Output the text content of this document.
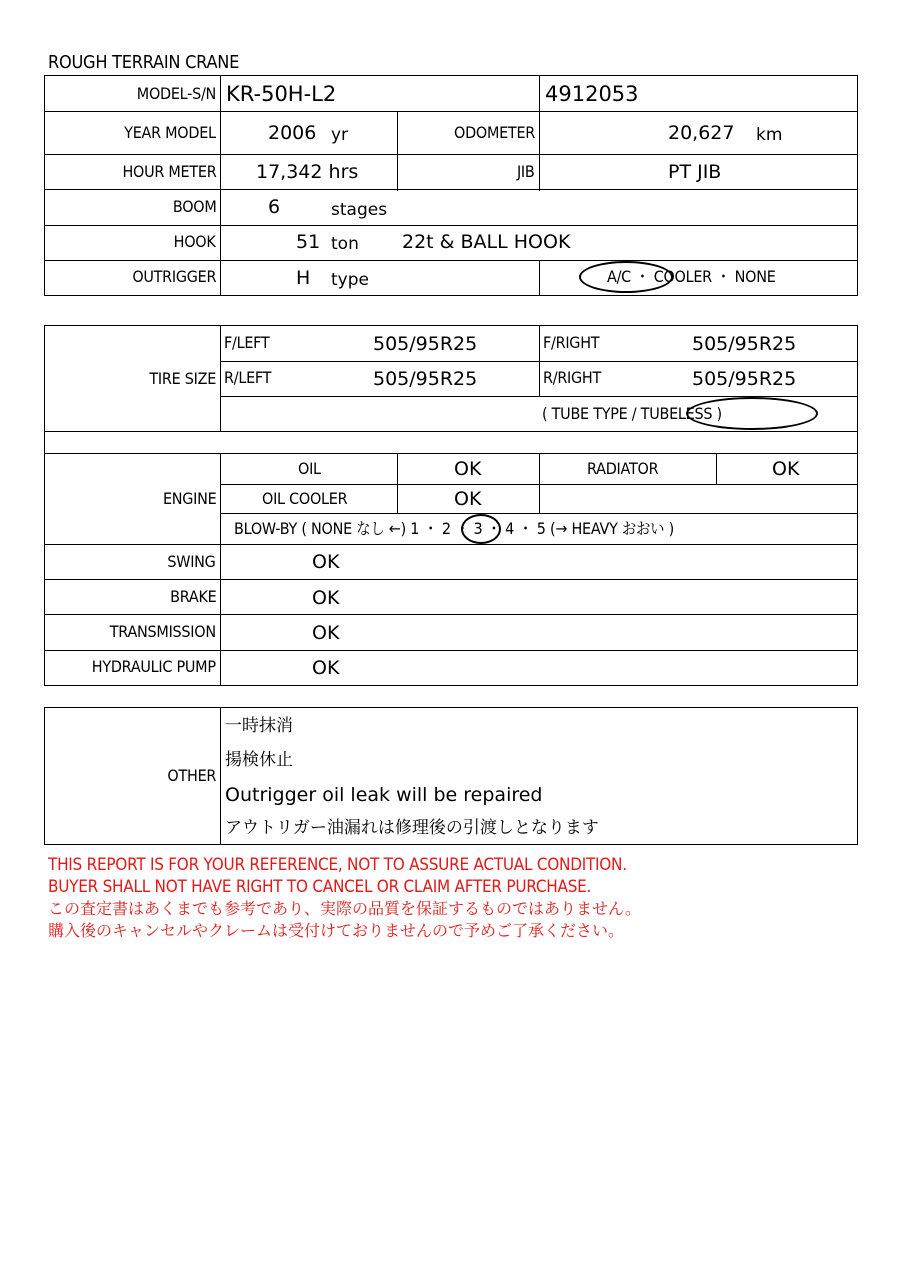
ROUGH TERRAIN CRANE
MODEL-S/N KR-50H-L2	4912053
YEAR MODEL	2006 yr	ODOMETER	20,627 km
HOUR METER 17,342 hrs	JIB	PT JIB
BOOM	6	stages
HOOK	51 ton 22t & BALL HOOK
OUTRIGGER	H type	A/C ・ COOLER ・ NONE
TIRE SIZE
F/LEFT	505/95R25	F/RIGHT	505/95R25
R/LEFT	505/95R25	R/RIGHT	505/95R25
( TUBE TYPE / TUBELESS )
ENGINE
OIL	OK	RADIATOR	OK
OIL COOLER	OK
BLOW-BY ( NONE なし ←) 1 ・ 2 ・ 3 ・ 4 ・ 5 (→ HEAVY おおい )
SWING	OK
BRAKE	OK
TRANSMISSION	OK
HYDRAULIC PUMP	OK
OTHER
一時抹消
揚検休止
Outrigger oil leak will be repaired
アウトリガー油漏れは修理後の引渡しとなります
THIS REPORT IS FOR YOUR REFERENCE, NOT TO ASSURE ACTUAL CONDITION.
BUYER SHALL NOT HAVE RIGHT TO CANCEL OR CLAIM AFTER PURCHASE.
この査定書はあくまでも参考であり、実際の品質を保証するものではありません。
購入後のキャンセルやクレームは受付けておりませんので予めご了承ください。
